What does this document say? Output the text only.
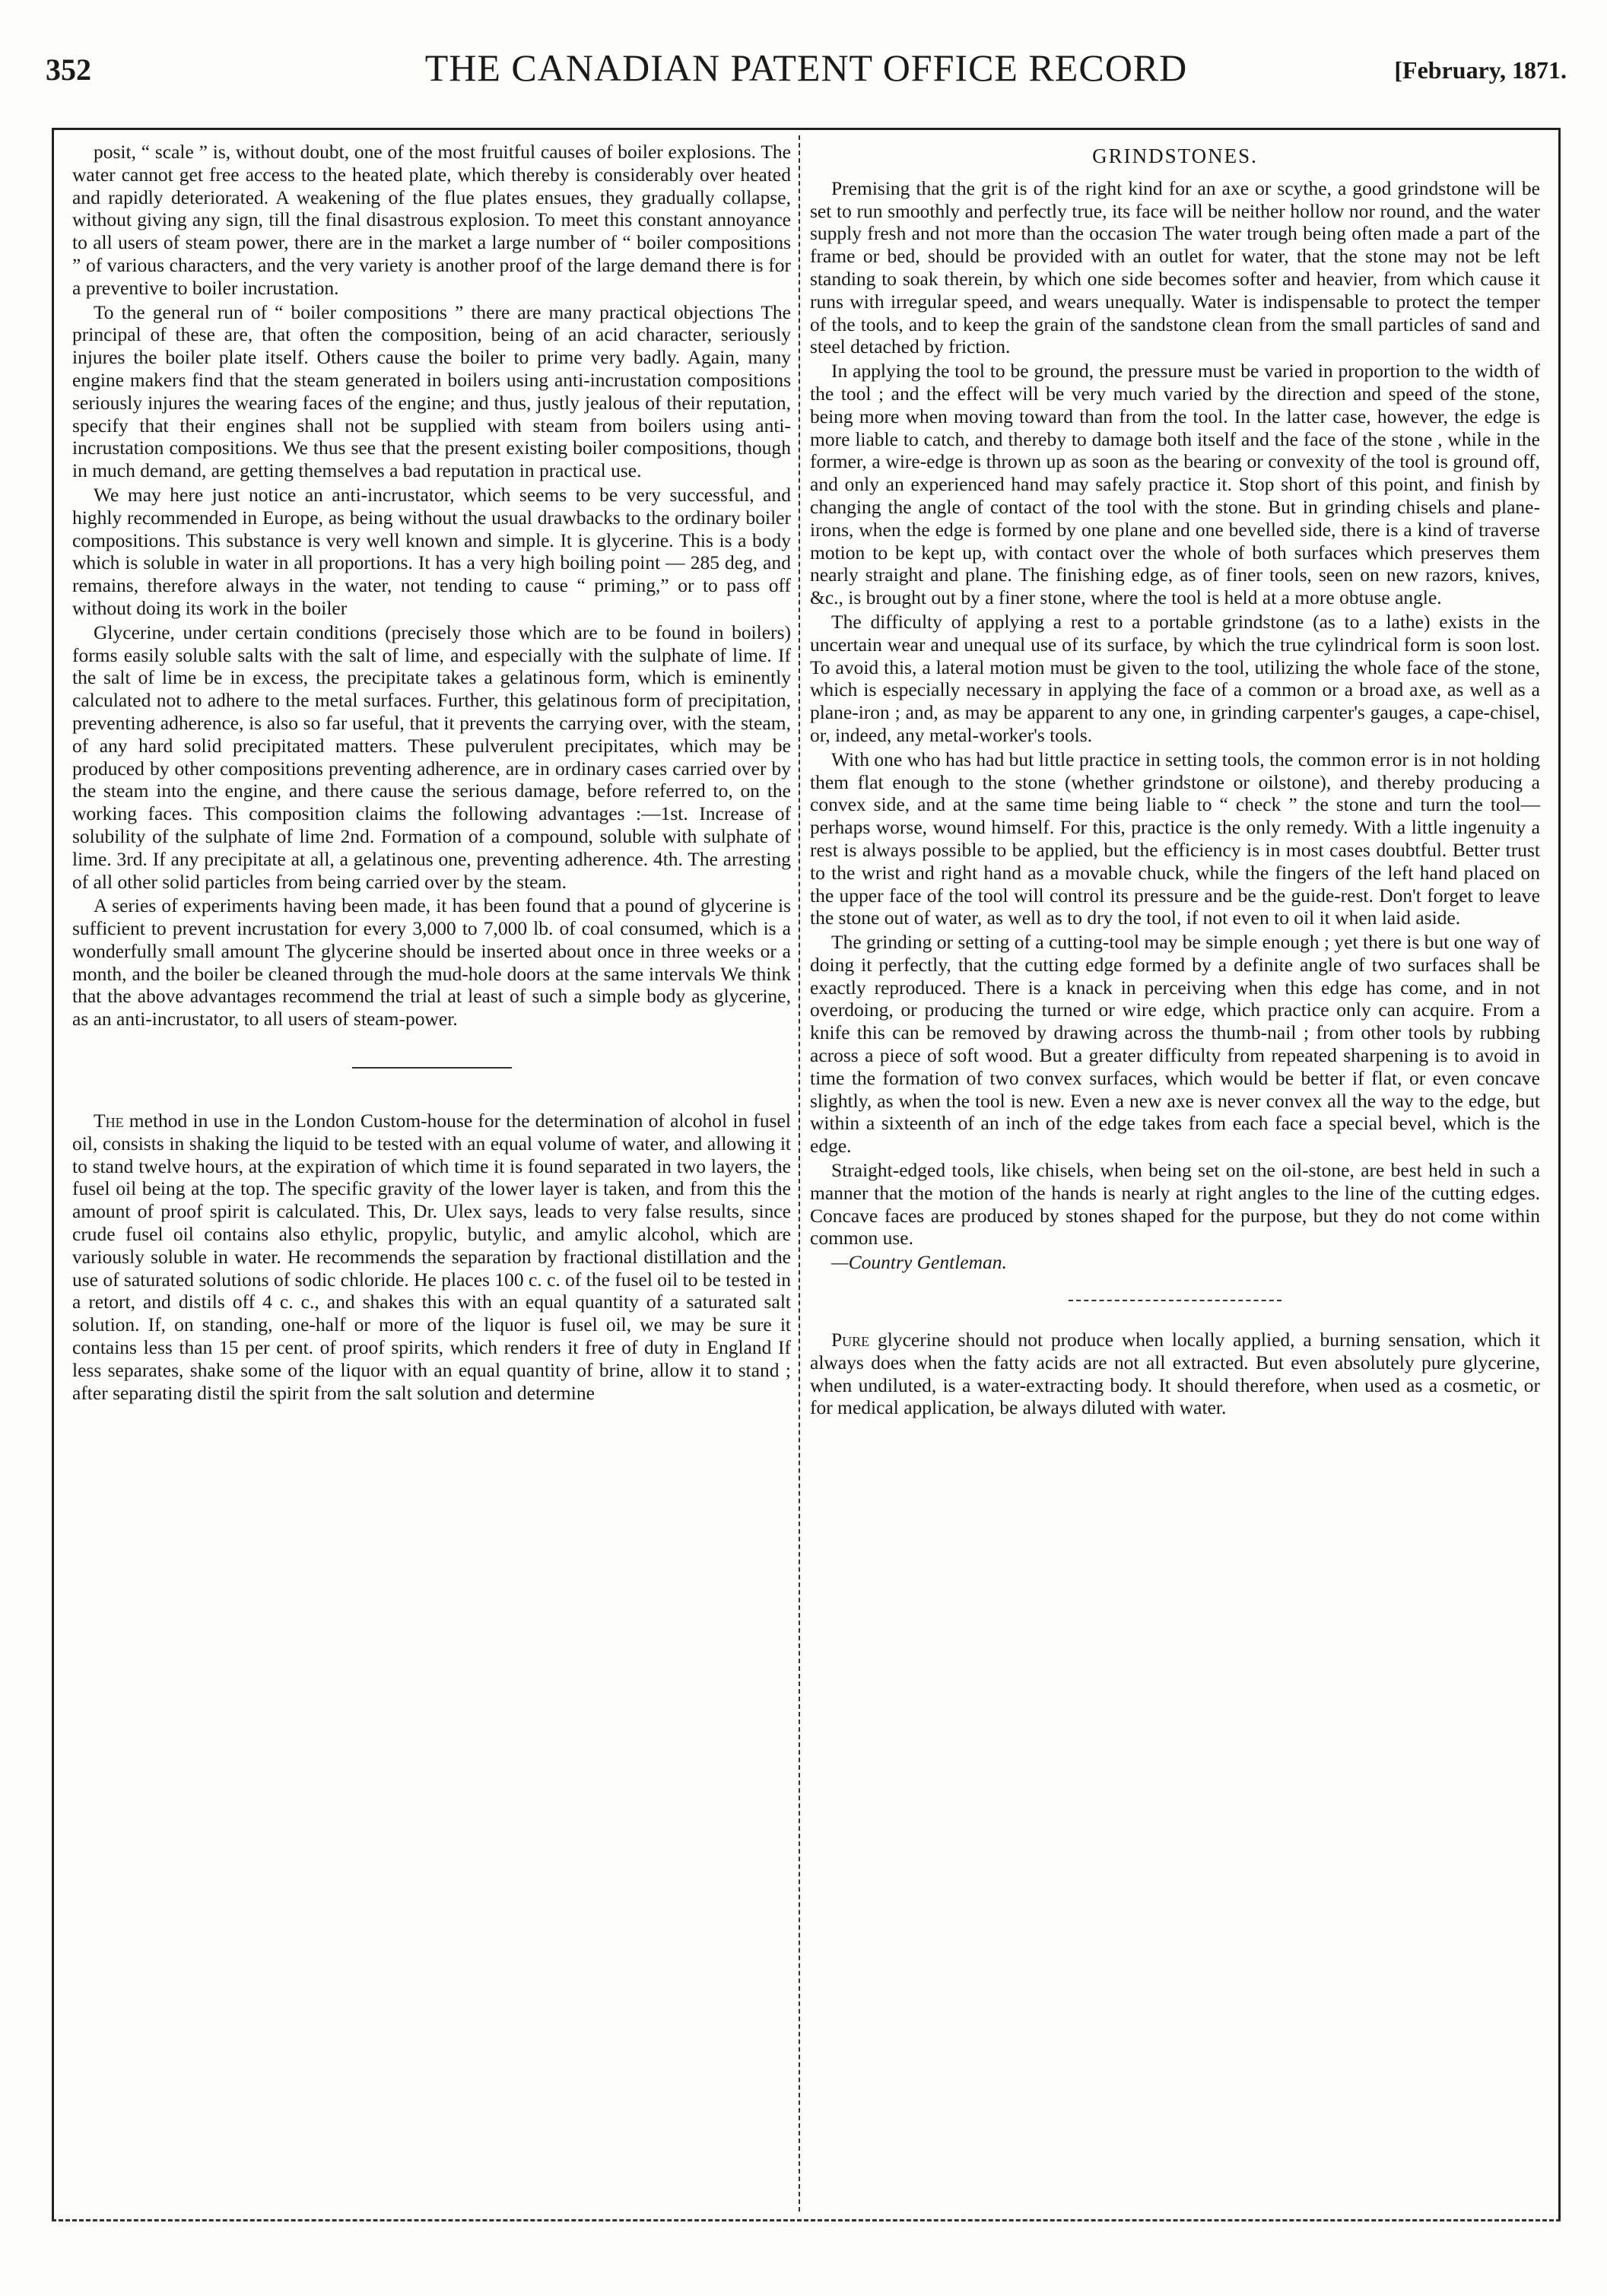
352	THE CANADIAN PATENT OFFICE RECORD	[February, 1871.

posit, “ scale ” is, without doubt, one of the most fruitful causes of boiler explosions. The water cannot get free access to the heated plate, which thereby is considerably over heated and rapidly deteriorated. A weakening of the flue plates ensues, they gradually collapse, without giving any sign, till the final disastrous explosion. To meet this constant annoyance to all users of steam power, there are in the market a large number of “ boiler compositions ” of various characters, and the very variety is another proof of the large demand there is for a preventive to boiler incrustation.

To the general run of “ boiler compositions ” there are many practical objections The principal of these are, that often the composition, being of an acid character, seriously injures the boiler plate itself. Others cause the boiler to prime very badly. Again, many engine makers find that the steam generated in boilers using anti-incrustation compositions seriously injures the wearing faces of the engine; and thus, justly jealous of their reputation, specify that their engines shall not be supplied with steam from boilers using anti-incrustation compositions. We thus see that the present existing boiler compositions, though in much demand, are getting themselves a bad reputation in practical use.

We may here just notice an anti-incrustator, which seems to be very successful, and highly recommended in Europe, as being without the usual drawbacks to the ordinary boiler compositions. This substance is very well known and simple. It is glycerine. This is a body which is soluble in water in all proportions. It has a very high boiling point — 285 deg, and remains, therefore always in the water, not tending to cause “ priming,” or to pass off without doing its work in the boiler

Glycerine, under certain conditions (precisely those which are to be found in boilers) forms easily soluble salts with the salt of lime, and especially with the sulphate of lime. If the salt of lime be in excess, the precipitate takes a gelatinous form, which is eminently calculated not to adhere to the metal surfaces. Further, this gelatinous form of precipitation, preventing adherence, is also so far useful, that it prevents the carrying over, with the steam, of any hard solid precipitated matters. These pulverulent precipitates, which may be produced by other compositions preventing adherence, are in ordinary cases carried over by the steam into the engine, and there cause the serious damage, before referred to, on the working faces. This composition claims the following advantages :—1st. Increase of solubility of the sulphate of lime 2nd. Formation of a compound, soluble with sulphate of lime. 3rd. If any precipitate at all, a gelatinous one, preventing adherence. 4th. The arresting of all other solid particles from being carried over by the steam.

A series of experiments having been made, it has been found that a pound of glycerine is sufficient to prevent incrustation for every 3,000 to 7,000 lb. of coal consumed, which is a wonderfully small amount The glycerine should be inserted about once in three weeks or a month, and the boiler be cleaned through the mud-hole doors at the same intervals We think that the above advantages recommend the trial at least of such a simple body as glycerine, as an anti-incrustator, to all users of steam-power.

The method in use in the London Custom-house for the determination of alcohol in fusel oil, consists in shaking the liquid to be tested with an equal volume of water, and allowing it to stand twelve hours, at the expiration of which time it is found separated in two layers, the fusel oil being at the top. The specific gravity of the lower layer is taken, and from this the amount of proof spirit is calculated. This, Dr. Ulex says, leads to very false results, since crude fusel oil contains also ethylic, propylic, butylic, and amylic alcohol, which are variously soluble in water. He recommends the separation by fractional distillation and the use of saturated solutions of sodic chloride. He places 100 c. c. of the fusel oil to be tested in a retort, and distils off 4 c. c., and shakes this with an equal quantity of a saturated salt solution. If, on standing, one-half or more of the liquor is fusel oil, we may be sure it contains less than 15 per cent. of proof spirits, which renders it free of duty in England If less separates, shake some of the liquor with an equal quantity of brine, allow it to stand ; after separating distil the spirit from the salt solution and determine

GRINDSTONES.

Premising that the grit is of the right kind for an axe or scythe, a good grindstone will be set to run smoothly and perfectly true, its face will be neither hollow nor round, and the water supply fresh and not more than the occasion The water trough being often made a part of the frame or bed, should be provided with an outlet for water, that the stone may not be left standing to soak therein, by which one side becomes softer and heavier, from which cause it runs with irregular speed, and wears unequally. Water is indispensable to protect the temper of the tools, and to keep the grain of the sandstone clean from the small particles of sand and steel detached by friction.

In applying the tool to be ground, the pressure must be varied in proportion to the width of the tool ; and the effect will be very much varied by the direction and speed of the stone, being more when moving toward than from the tool. In the latter case, however, the edge is more liable to catch, and thereby to damage both itself and the face of the stone , while in the former, a wire-edge is thrown up as soon as the bearing or convexity of the tool is ground off, and only an experienced hand may safely practice it. Stop short of this point, and finish by changing the angle of contact of the tool with the stone. But in grinding chisels and plane-irons, when the edge is formed by one plane and one bevelled side, there is a kind of traverse motion to be kept up, with contact over the whole of both surfaces which preserves them nearly straight and plane. The finishing edge, as of finer tools, seen on new razors, knives, &c., is brought out by a finer stone, where the tool is held at a more obtuse angle.

The difficulty of applying a rest to a portable grindstone (as to a lathe) exists in the uncertain wear and unequal use of its surface, by which the true cylindrical form is soon lost. To avoid this, a lateral motion must be given to the tool, utilizing the whole face of the stone, which is especially necessary in applying the face of a common or a broad axe, as well as a plane-iron ; and, as may be apparent to any one, in grinding carpenter's gauges, a cape-chisel, or, indeed, any metal-worker's tools.

With one who has had but little practice in setting tools, the common error is in not holding them flat enough to the stone (whether grindstone or oilstone), and thereby producing a convex side, and at the same time being liable to “ check ” the stone and turn the tool—perhaps worse, wound himself. For this, practice is the only remedy. With a little ingenuity a rest is always possible to be applied, but the efficiency is in most cases doubtful. Better trust to the wrist and right hand as a movable chuck, while the fingers of the left hand placed on the upper face of the tool will control its pressure and be the guide-rest. Don't forget to leave the stone out of water, as well as to dry the tool, if not even to oil it when laid aside.

The grinding or setting of a cutting-tool may be simple enough ; yet there is but one way of doing it perfectly, that the cutting edge formed by a definite angle of two surfaces shall be exactly reproduced. There is a knack in perceiving when this edge has come, and in not overdoing, or producing the turned or wire edge, which practice only can acquire. From a knife this can be removed by drawing across the thumb-nail ; from other tools by rubbing across a piece of soft wood. But a greater difficulty from repeated sharpening is to avoid in time the formation of two convex surfaces, which would be better if flat, or even concave slightly, as when the tool is new. Even a new axe is never convex all the way to the edge, but within a sixteenth of an inch of the edge takes from each face a special bevel, which is the edge.

Straight-edged tools, like chisels, when being set on the oil-stone, are best held in such a manner that the motion of the hands is nearly at right angles to the line of the cutting edges. Concave faces are produced by stones shaped for the purpose, but they do not come within common use.

—Country Gentleman.

Pure glycerine should not produce when locally applied, a burning sensation, which it always does when the fatty acids are not all extracted. But even absolutely pure glycerine, when undiluted, is a water-extracting body. It should therefore, when used as a cosmetic, or for medical application, be always diluted with water.
